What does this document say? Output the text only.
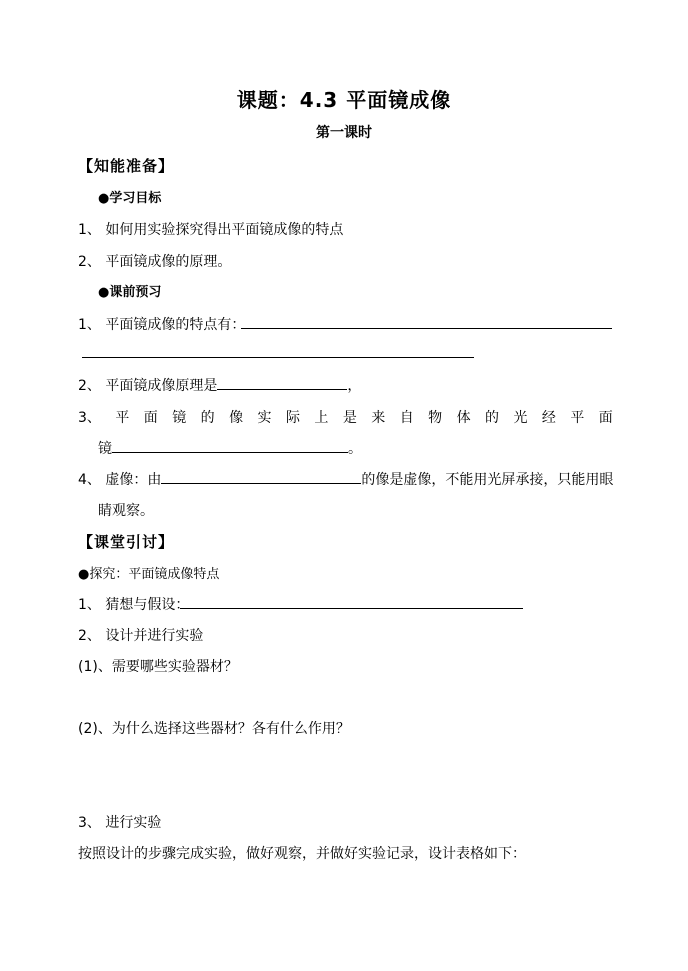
课题：4.3 平面镜成像
第一课时
【知能准备】
●学习目标
1、 如何用实验探究得出平面镜成像的特点
2、 平面镜成像的原理。
●课前预习
1、 平面镜成像的特点有：
2、 平面镜成像原理是	，
3、 平 面 镜 的 像 实 际 上 是 来 自 物 体 的 光 经 平 面
镜	。
4、 虚像：由	的像是虚像，不能用光屏承接，只能用眼
睛观察。
【课堂引讨】
●探究：平面镜成像特点
1、 猜想与假设：
2、 设计并进行实验
(1)、需要哪些实验器材？
(2)、为什么选择这些器材？各有什么作用？
3、 进行实验
按照设计的步骤完成实验，做好观察，并做好实验记录，设计表格如下：
